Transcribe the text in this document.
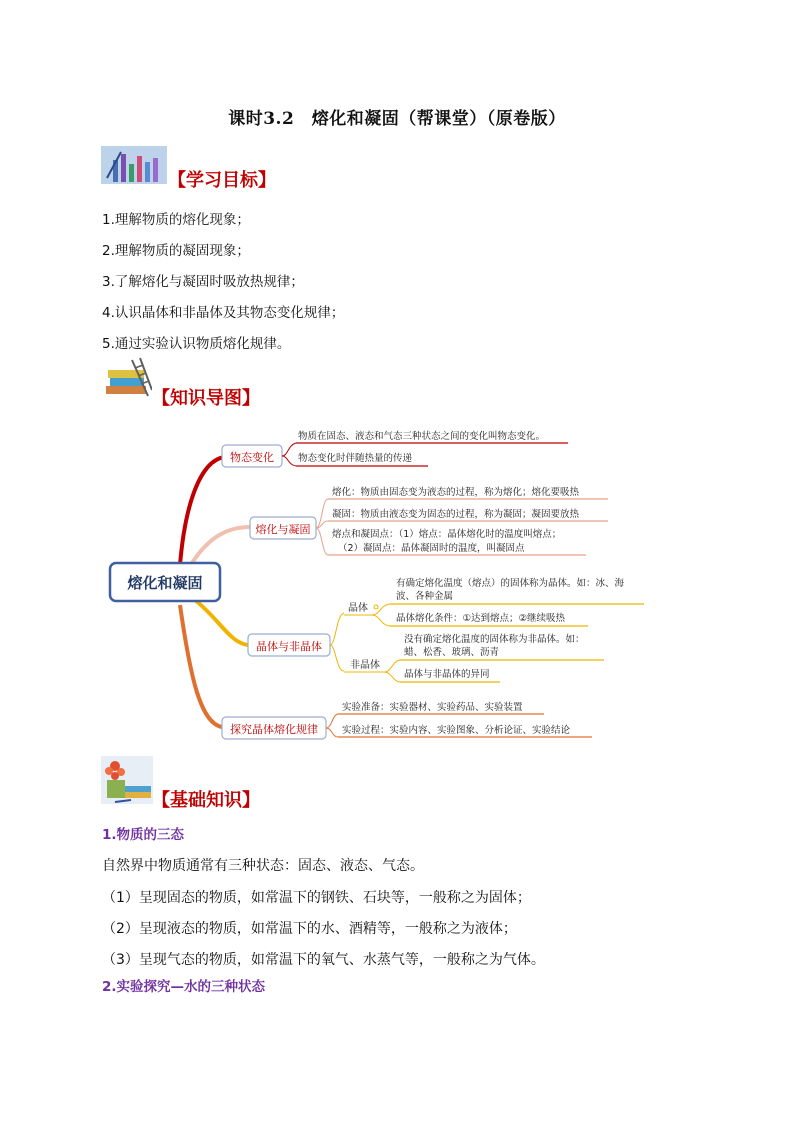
课时3.2　熔化和凝固（帮课堂）（原卷版）
【学习目标】
1.理解物质的熔化现象；
2.理解物质的凝固现象；
3.了解熔化与凝固时吸放热规律；
4.认识晶体和非晶体及其物态变化规律；
5.通过实验认识物质熔化规律。
【知识导图】
熔化和凝固
物态变化
物质在固态、液态和气态三种状态之间的变化叫物态变化。
物态变化时伴随热量的传递
熔化与凝固
熔化：物质由固态变为液态的过程，称为熔化；熔化要吸热
凝固：物质由液态变为固态的过程，称为凝固；凝固要放热
熔点和凝固点：（1）熔点：晶体熔化时的温度叫熔点；
（2）凝固点：晶体凝固时的温度，叫凝固点
晶体与非晶体
晶体
非晶体
有确定熔化温度（熔点）的固体称为晶体。如：冰、海
波、各种金属
晶体熔化条件：①达到熔点；②继续吸热
没有确定熔化温度的固体称为非晶体。如：
蜡、松香、玻璃、沥青
晶体与非晶体的异同
探究晶体熔化规律
实验准备：实验器材、实验药品、实验装置
实验过程：实验内容、实验图象、分析论证、实验结论
【基础知识】
1.物质的三态
自然界中物质通常有三种状态：固态、液态、气态。
（1）呈现固态的物质，如常温下的钢铁、石块等，一般称之为固体；
（2）呈现液态的物质，如常温下的水、酒精等，一般称之为液体；
（3）呈现气态的物质，如常温下的氧气、水蒸气等，一般称之为气体。
2.实验探究—水的三种状态
